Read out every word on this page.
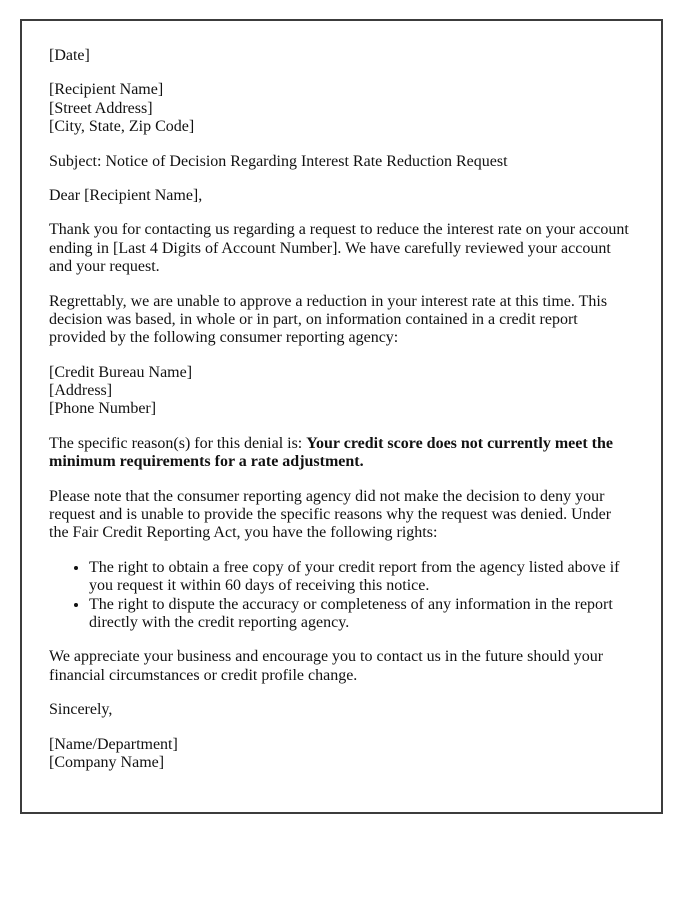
[Date]

[Recipient Name]
[Street Address]
[City, State, Zip Code]

Subject: Notice of Decision Regarding Interest Rate Reduction Request

Dear [Recipient Name],

Thank you for contacting us regarding a request to reduce the interest rate on your account ending in [Last 4 Digits of Account Number]. We have carefully reviewed your account and your request.

Regrettably, we are unable to approve a reduction in your interest rate at this time. This decision was based, in whole or in part, on information contained in a credit report provided by the following consumer reporting agency:

[Credit Bureau Name]
[Address]
[Phone Number]

The specific reason(s) for this denial is: Your credit score does not currently meet the minimum requirements for a rate adjustment.

Please note that the consumer reporting agency did not make the decision to deny your request and is unable to provide the specific reasons why the request was denied. Under the Fair Credit Reporting Act, you have the following rights:

• The right to obtain a free copy of your credit report from the agency listed above if you request it within 60 days of receiving this notice.
• The right to dispute the accuracy or completeness of any information in the report directly with the credit reporting agency.

We appreciate your business and encourage you to contact us in the future should your financial circumstances or credit profile change.

Sincerely,

[Name/Department]
[Company Name]
